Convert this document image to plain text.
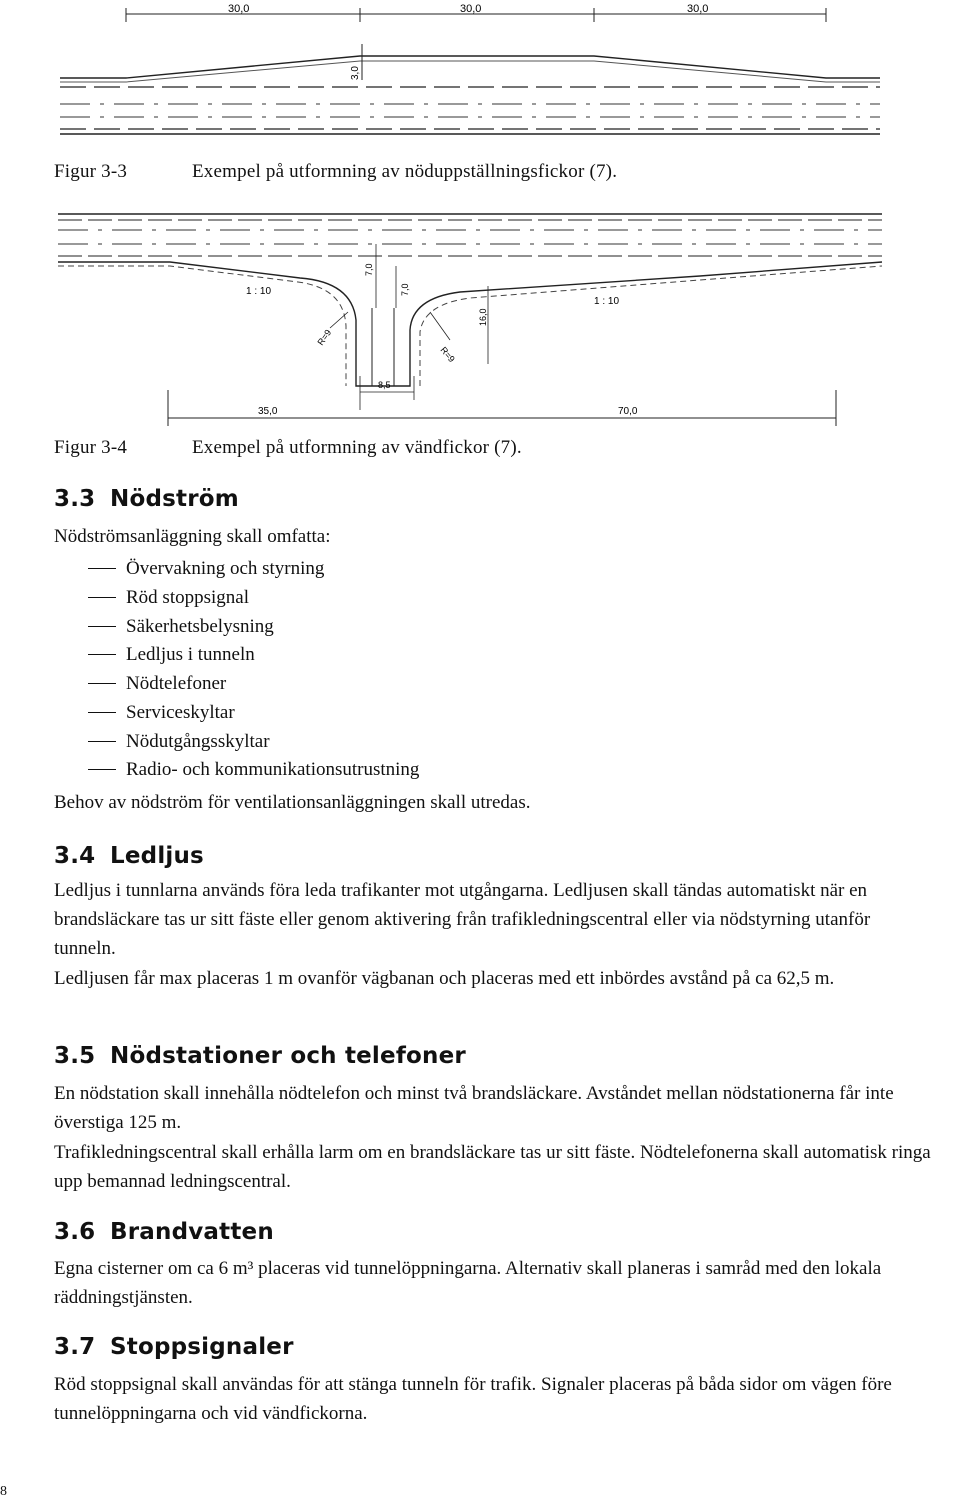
30,0	30,0	30,0
3,0
Figur 3-3	Exempel på utformning av nöduppställningsfickor (7).
1 : 10
1 : 10
7,0
7,0
16,0
R=9
R=9
8,5
35,0	70,0
Figur 3-4	Exempel på utformning av vändfickor (7).
3.3 Nödström
Nödströmsanläggning skall omfatta:
Övervakning och styrning
Röd stoppsignal
Säkerhetsbelysning
Ledljus i tunneln
Nödtelefoner
Serviceskyltar
Nödutgångsskyltar
Radio- och kommunikationsutrustning
Behov av nödström för ventilationsanläggningen skall utredas.
3.4 Ledljus
Ledljus i tunnlarna används föra leda trafikanter mot utgångarna. Ledljusen skall tändas automatiskt när en brandsläckare tas ur sitt fäste eller genom aktivering från trafikledningscentral eller via nödstyrning utanför tunneln.
Ledljusen får max placeras 1 m ovanför vägbanan och placeras med ett inbördes avstånd på ca 62,5 m.
3.5 Nödstationer och telefoner
En nödstation skall innehålla nödtelefon och minst två brandsläckare. Avståndet mellan nödstationerna får inte överstiga 125 m.
Trafikledningscentral skall erhålla larm om en brandsläckare tas ur sitt fäste. Nödtelefonerna skall automatisk ringa upp bemannad ledningscentral.
3.6 Brandvatten
Egna cisterner om ca 6 m³ placeras vid tunnelöppningarna. Alternativ skall planeras i samråd med den lokala räddningstjänsten.
3.7 Stoppsignaler
Röd stoppsignal skall användas för att stänga tunneln för trafik. Signaler placeras på båda sidor om vägen före tunnelöppningarna och vid vändfickorna.
8
